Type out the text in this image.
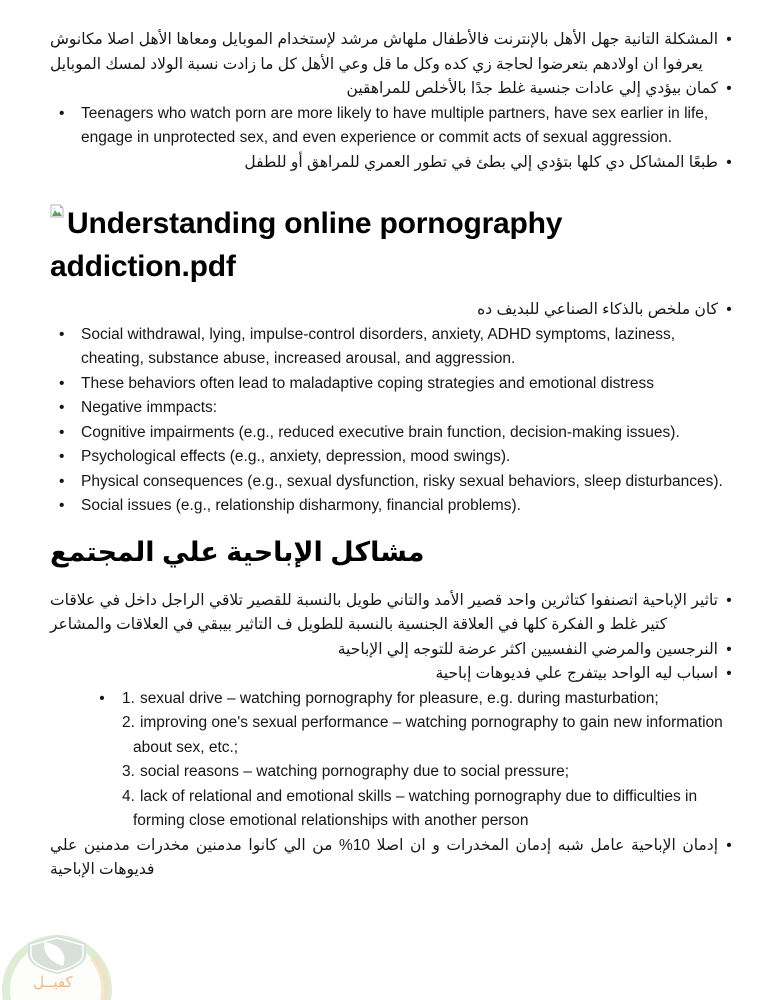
كفيــل
•
المشكلة التانية جهل الأهل بالإنترنت فالأطفال ملهاش مرشد لإستخدام الموبايل ومعاها الأهل اصلا مكانوش يعرفوا ان اولادهم بتعرضوا لحاجة زي كده وكل ما قل وعي الأهل كل ما زادت نسبة الولاد لمسك الموبايل
•
كمان بيؤدي إلي عادات جنسية غلط جدًا بالأخلص للمراهقين
•	Teenagers who watch porn are more likely to have multiple partners, have sex earlier in life, engage in unprotected sex, and even experience or commit acts of sexual aggression.
•
طبعًا المشاكل دي كلها بتؤدي إلي بطئ في تطور العمري للمراهق أو للطفل
Understanding online pornography addiction.pdf
•
كان ملخص بالذكاء الصناعي للبديف ده
•	Social withdrawal, lying, impulse-control disorders, anxiety, ADHD symptoms, laziness, cheating, substance abuse, increased arousal, and aggression.
•	These behaviors often lead to maladaptive coping strategies and emotional distress
•	Negative immpacts:
•	Cognitive impairments (e.g., reduced executive brain function, decision-making issues).
•	Psychological effects (e.g., anxiety, depression, mood swings).
•	Physical consequences (e.g., sexual dysfunction, risky sexual behaviors, sleep disturbances).
•	Social issues (e.g., relationship disharmony, financial problems).
مشاكل الإباحية علي المجتمع
•
تاثير الإباحية اتصنفوا كتاثرين واحد قصير الأمد والتاني طويل بالنسبة للقصير تلاقي الراجل داخل في علاقات كتير غلط و الفكرة كلها في العلاقة الجنسية بالنسبة للطويل ف التاثير بيبقي في العلاقات والمشاعر
•
النرجسين والمرضي النفسيين اكثر عرضة للتوجه إلي الإباحية
•
اسباب ليه الواحد بيتفرج علي فديوهات إباحية
•	1. sexual drive – watching pornography for pleasure, e.g. during masturbation;
2. improving one's sexual performance – watching pornography to gain new information about sex, etc.;
3. social reasons – watching pornography due to social pressure;
4. lack of relational and emotional skills – watching pornography due to difficulties in forming close emotional relationships with another person
•
إدمان الإباحية عامل شبه إدمان المخدرات و ان اصلا 10% من الي كانوا مدمنين مخدرات مدمنين علي فديوهات الإباحية
